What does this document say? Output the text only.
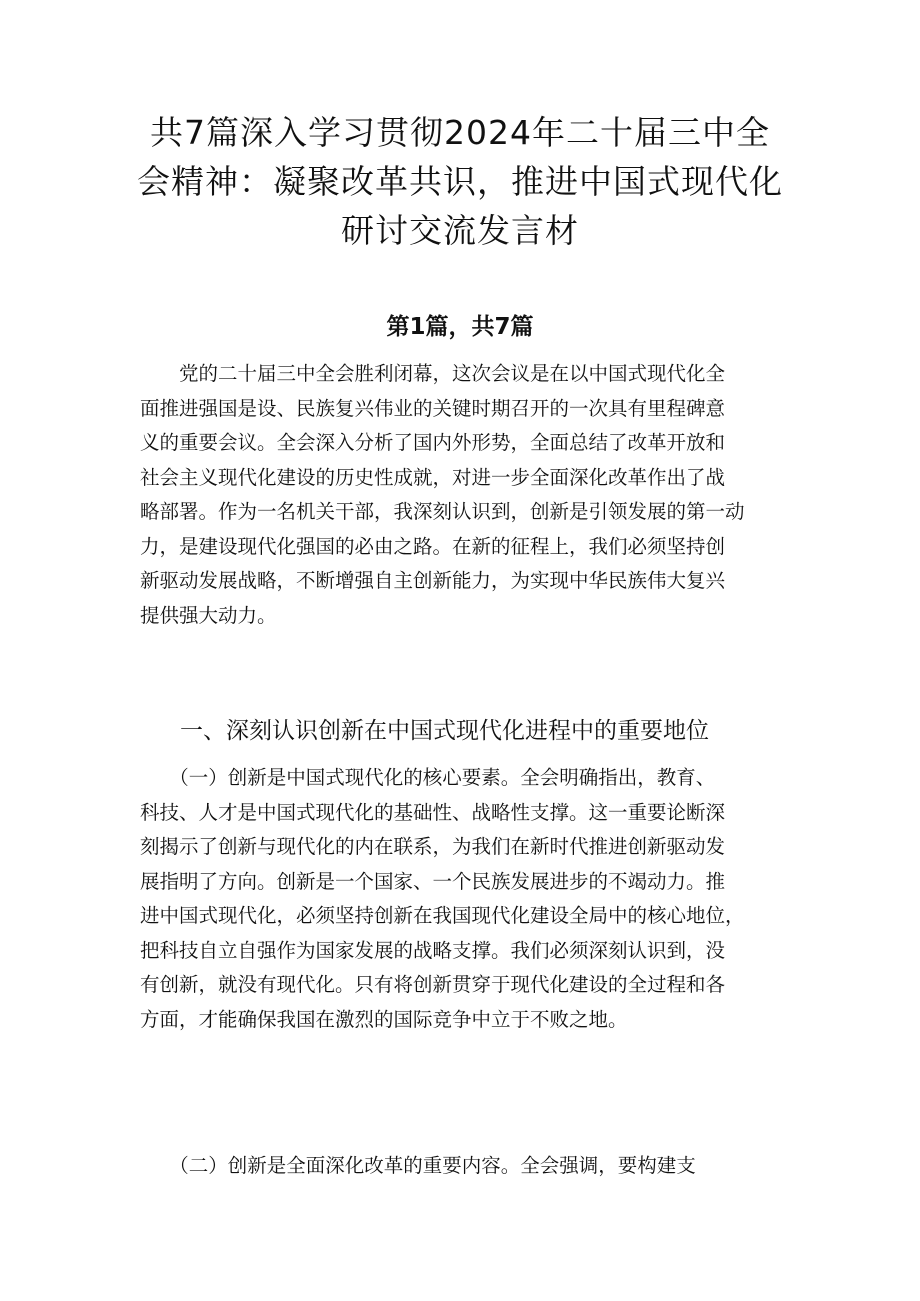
共7篇深入学习贯彻2024年二十届三中全
会精神：凝聚改革共识，推进中国式现代化
研讨交流发言材
第1篇，共7篇
　　党的二十届三中全会胜利闭幕，这次会议是在以中国式现代化全
面推进强国是设、民族复兴伟业的关键时期召开的一次具有里程碑意
义的重要会议。全会深入分析了国内外形势，全面总结了改革开放和
社会主义现代化建设的历史性成就，对进一步全面深化改革作出了战
略部署。作为一名机关干部，我深刻认识到，创新是引领发展的第一动
力，是建设现代化强国的必由之路。在新的征程上，我们必须坚持创
新驱动发展战略，不断增强自主创新能力，为实现中华民族伟大复兴
提供强大动力。
一、深刻认识创新在中国式现代化进程中的重要地位
　　（一）创新是中国式现代化的核心要素。全会明确指出，教育、
科技、人才是中国式现代化的基础性、战略性支撑。这一重要论断深
刻揭示了创新与现代化的内在联系，为我们在新时代推进创新驱动发
展指明了方向。创新是一个国家、一个民族发展进步的不竭动力。推
进中国式现代化，必须坚持创新在我国现代化建设全局中的核心地位，
把科技自立自强作为国家发展的战略支撑。我们必须深刻认识到，没
有创新，就没有现代化。只有将创新贯穿于现代化建设的全过程和各
方面，才能确保我国在激烈的国际竞争中立于不败之地。
　　（二）创新是全面深化改革的重要内容。全会强调，要构建支
